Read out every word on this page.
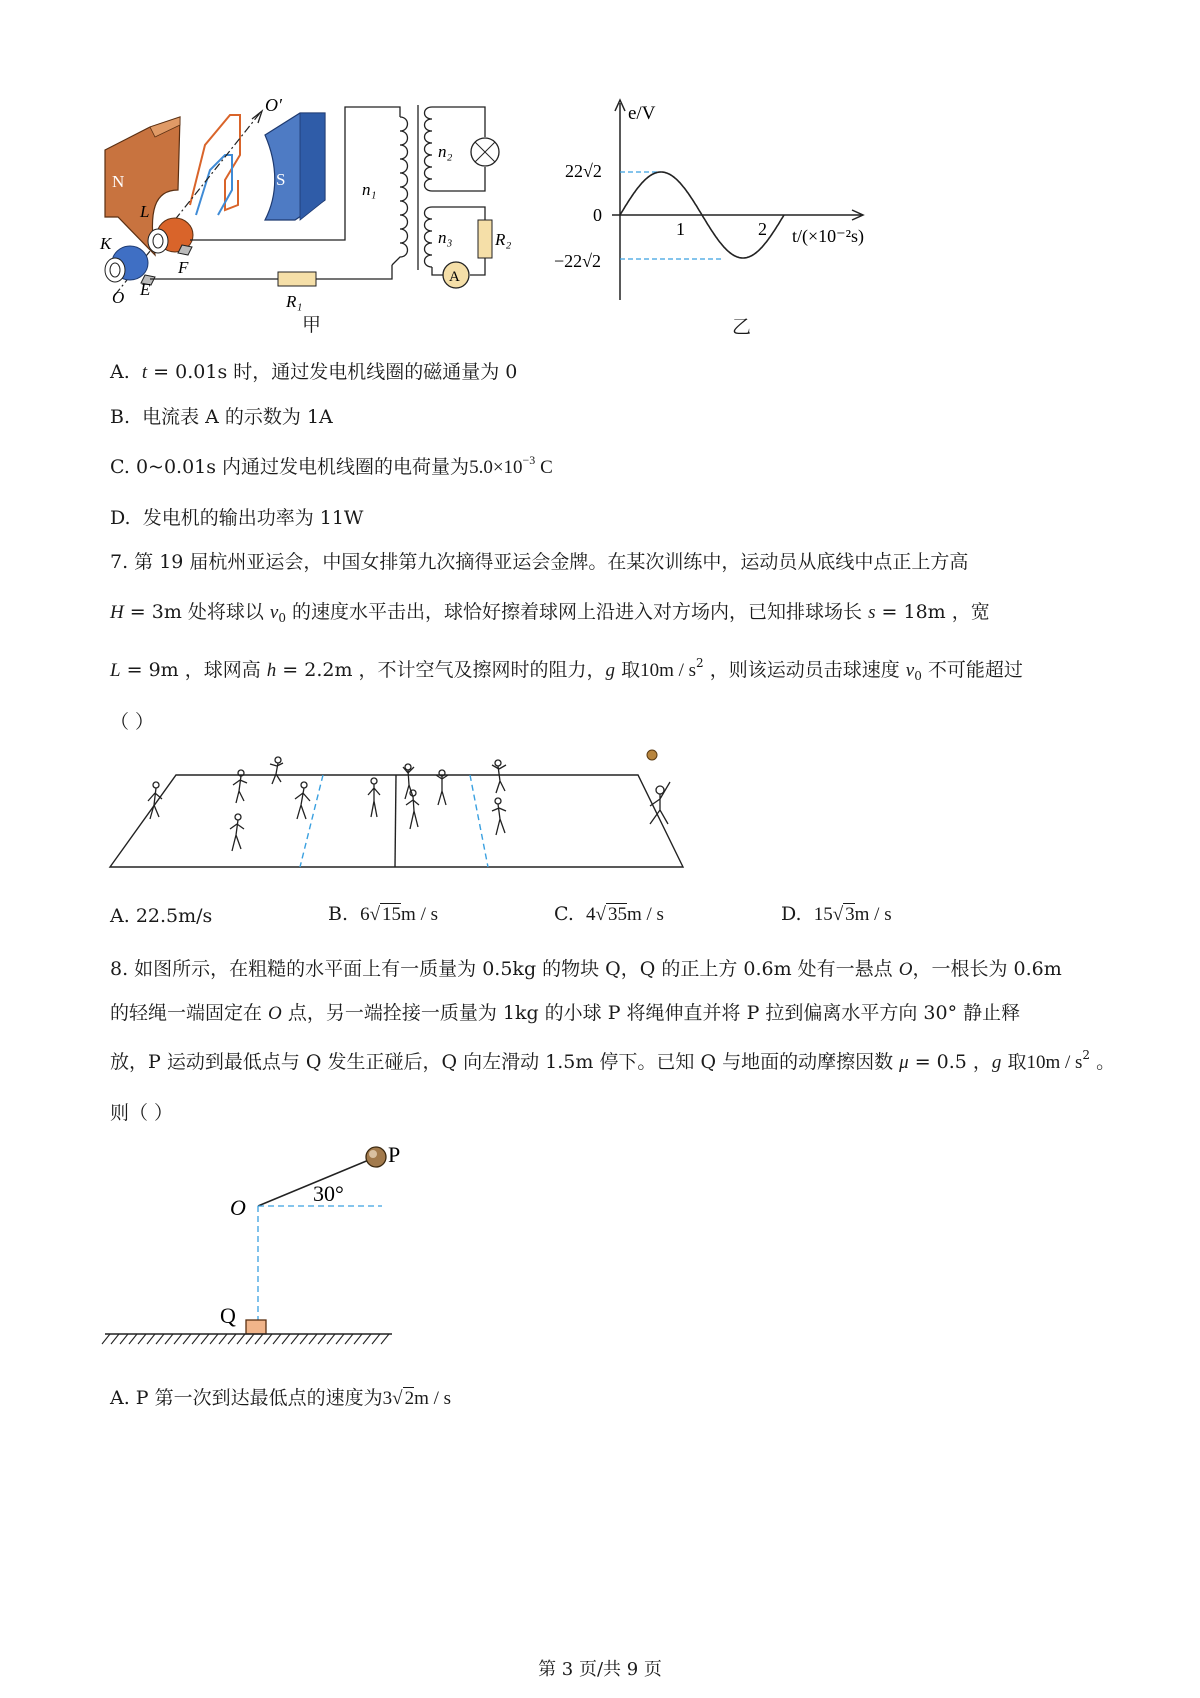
N	S
O′
L
K
F
O E
R₁
n₁
n₂
A
n₃	R₂
甲
e/V
t/(×10⁻²s)
0
1	2
22√2
−22√2
乙
A. t = 0.01s 时，通过发电机线圈的磁通量为 0
B. 电流表 A 的示数为 1A
C. 0~0.01s 内通过发电机线圈的电荷量为$5.0\times 10^{-3}$ C
D. 发电机的输出功率为 11W
7. 第 19 届杭州亚运会，中国女排第九次摘得亚运会金牌。在某次训练中，运动员从底线中点正上方高
H = 3m 处将球以 $v_0$ 的速度水平击出，球恰好擦着球网上沿进入对方场内，已知排球场长 s = 18m ，宽
L = 9m ，球网高 h = 2.2m ，不计空气及擦网时的阻力，g 取$10m / s^2$ ，则该运动员击球速度 $v_0$ 不可能超过
（ ）
A. 22.5m/s	B. 6√ 15m / s	C. 4√ 35m / s	D. 15√ 3m / s
8. 如图所示，在粗糙的水平面上有一质量为 0.5kg 的物块 Q，Q 的正上方 0.6m 处有一悬点 O，一根长为 0.6m
的轻绳一端固定在 O 点，另一端拴接一质量为 1kg 的小球 P 将绳伸直并将 P 拉到偏离水平方向 30° 静止释
放，P 运动到最低点与 Q 发生正碰后，Q 向左滑动 1.5m 停下。已知 Q 与地面的动摩擦因数 μ = 0.5 ，g 取$10m / s^2$ 。
则（ ）
P
30°
O
Q
A. P 第一次到达最低点的速度为3√ 2m / s
第 3 页/共 9 页
